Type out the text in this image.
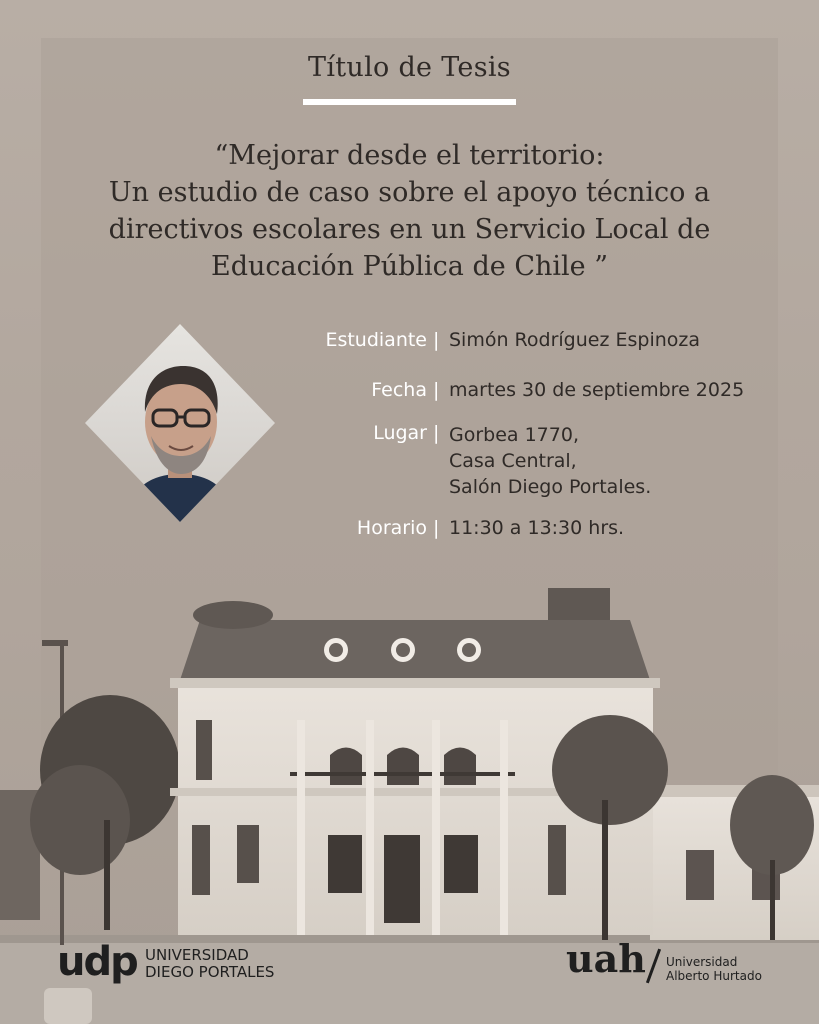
Título de Tesis
“Mejorar desde el territorio:
Un estudio de caso sobre el apoyo técnico a
directivos escolares en un Servicio Local de
Educación Pública de Chile ”
Estudiante | Simón Rodríguez Espinoza
Fecha | martes 30 de septiembre 2025
Lugar | Gorbea 1770,
Casa Central,
Salón Diego Portales.
Horario | 11:30 a 13:30 hrs.
udp UNIVERSIDAD
DIEGO PORTALES	uah Universidad
Alberto Hurtado
